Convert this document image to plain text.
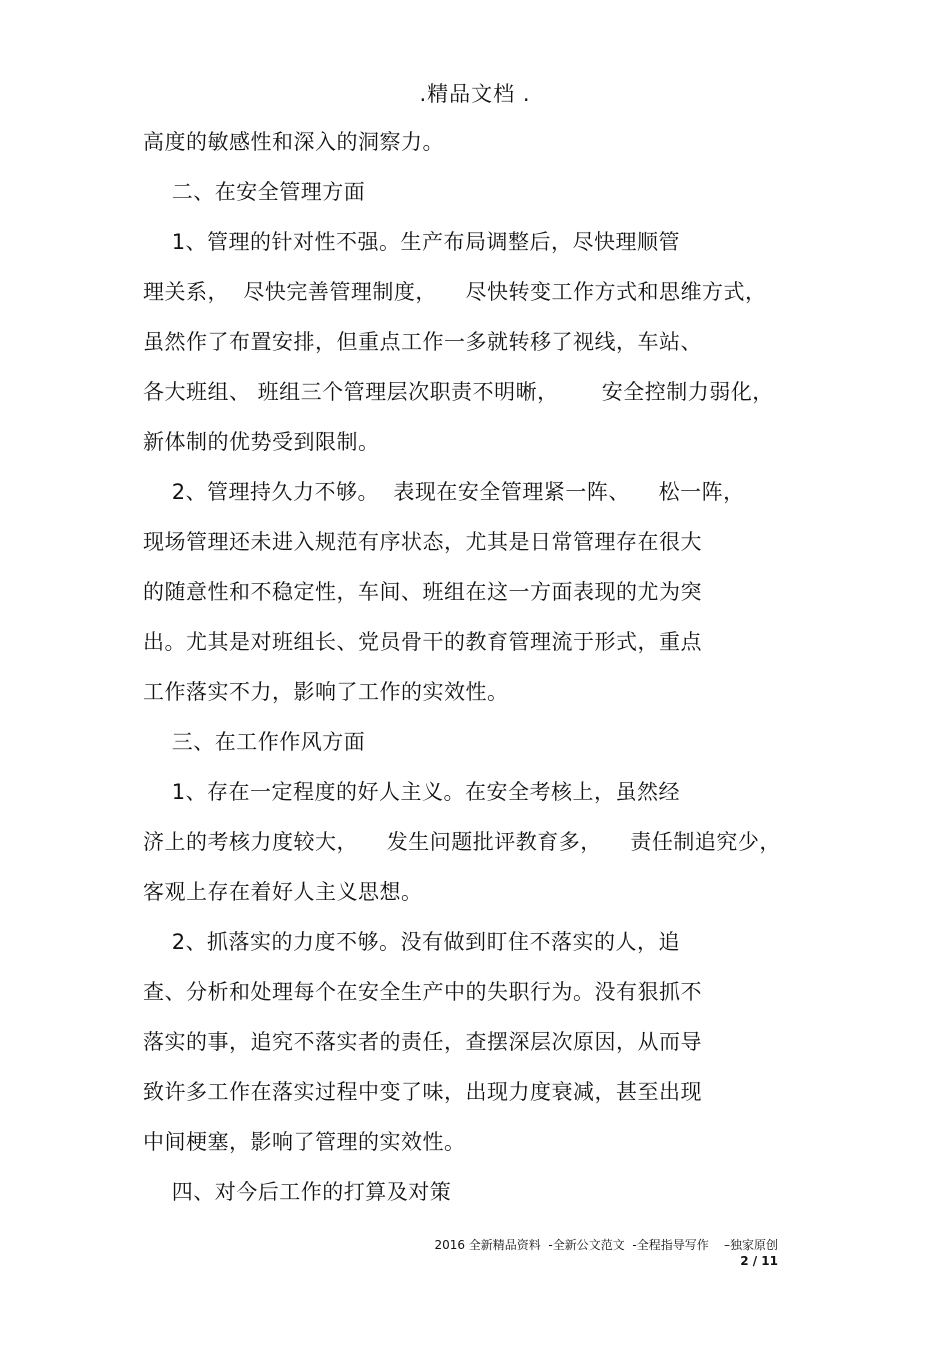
.精品文档 .
高度的敏感性和深入的洞察力。
二、在安全管理方面
1、管理的针对性不强。生产布局调整后，尽快理顺管
理关系，  尽快完善管理制度，    尽快转变工作方式和思维方式，
虽然作了布置安排，但重点工作一多就转移了视线，车站、
各大班组、 班组三个管理层次职责不明晰，      安全控制力弱化，
新体制的优势受到限制。
2、管理持久力不够。  表现在安全管理紧一阵、    松一阵，
现场管理还未进入规范有序状态，尤其是日常管理存在很大
的随意性和不稳定性，车间、班组在这一方面表现的尤为突
出。尤其是对班组长、党员骨干的教育管理流于形式，重点
工作落实不力，影响了工作的实效性。
三、在工作作风方面
1、存在一定程度的好人主义。在安全考核上，虽然经
济上的考核力度较大，    发生问题批评教育多，    责任制追究少，
客观上存在着好人主义思想。
2、抓落实的力度不够。没有做到盯住不落实的人，追
查、分析和处理每个在安全生产中的失职行为。没有狠抓不
落实的事，追究不落实者的责任，查摆深层次原因，从而导
致许多工作在落实过程中变了味，出现力度衰减，甚至出现
中间梗塞，影响了管理的实效性。
四、对今后工作的打算及对策
2016 全新精品资料  -全新公文范文  -全程指导写作    –独家原创
2 / 11
